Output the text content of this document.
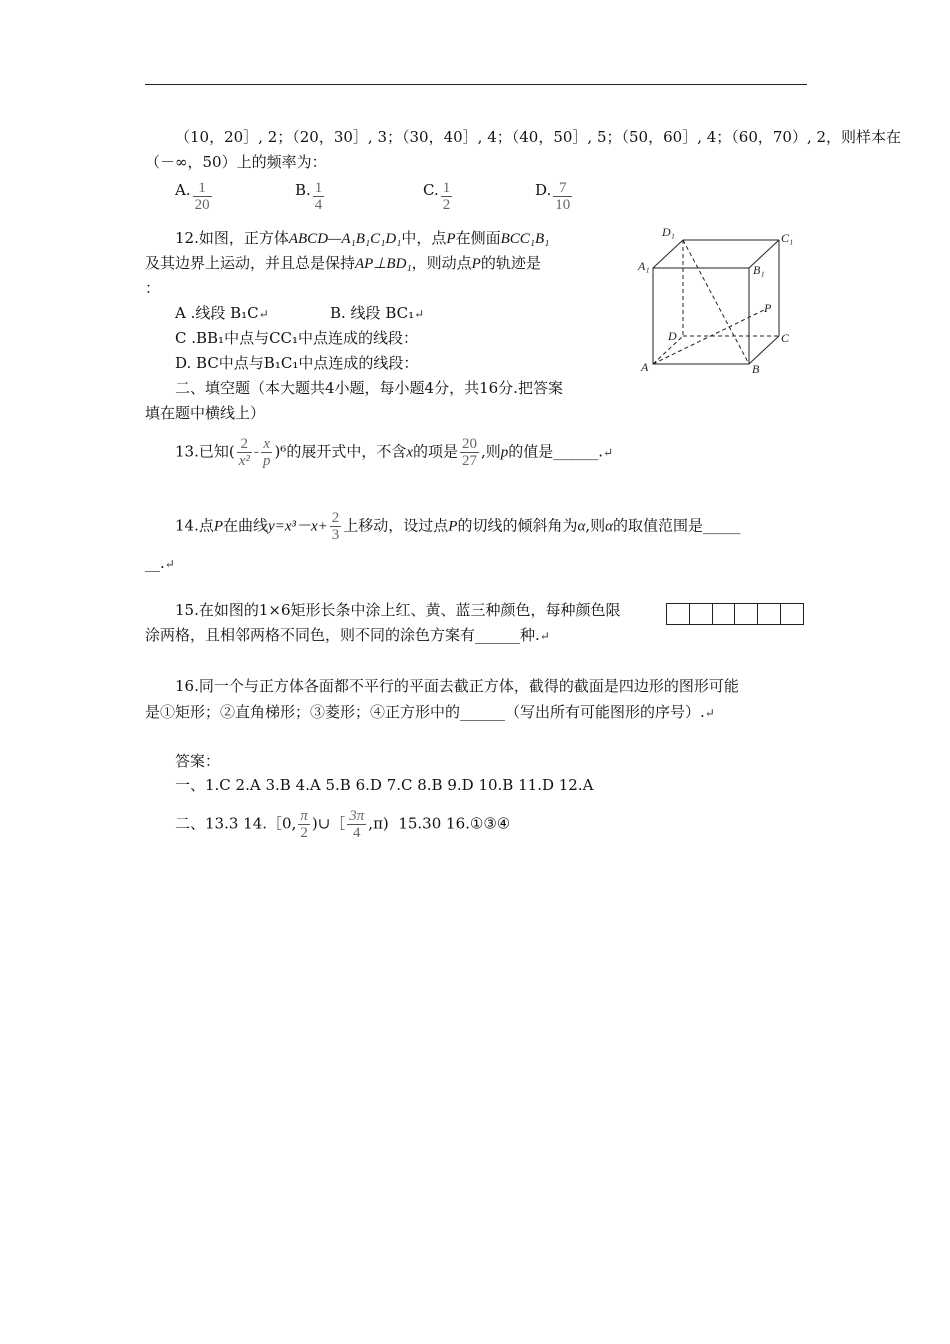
（10，20］, 2；（20，30］, 3；（30，40］, 4；（40，50］, 5；（50，60］, 4；（60，70）, 2，则样本在
（－∞，50）上的频率为：
A. $\frac{1}{20}$	B. $\frac{1}{4}$	C. $\frac{1}{2}$	D. $\frac{7}{10}$
12.如图，正方体ABCD—A₁B₁C₁D₁中，点P在侧面BCC₁B₁
及其边界上运动，并且总是保持AP⊥BD₁，则动点P的轨迹是
：
A .线段 B₁C↵	B. 线段 BC₁↵
C .BB₁中点与CC₁中点连成的线段：
D. BC中点与B₁C₁中点连成的线段：
D₁	C₁
A₁	B₁
P
D	C
A	B
二、填空题（本大题共4小题，每小题4分，共16分.把答案
填在题中横线上）
13.已知( $\frac{2}{\text{x²}} - \frac{x}{p} )^6$的展开式中，不含x的项是 $\frac{20}{27}$ ,则p的值是______.↵
14.点P在曲线$y=x^3-x+ \frac{2}{3}$ 上移动，设过点P的切线的倾斜角为α,则α的取值范围是_____
__.↵
15.在如图的1×6矩形长条中涂上红、黄、蓝三种颜色，每种颜色限
涂两格，且相邻两格不同色，则不同的涂色方案有______种.↵
16.同一个与正方体各面都不平行的平面去截正方体，截得的截面是四边形的图形可能
是①矩形；②直角梯形；③菱形；④正方形中的______（写出所有可能图形的序号）.↵
答案：
一、1.C 2.A 3.B 4.A 5.B 6.D 7.C 8.B 9.D 10.B 11.D 12.A
二、13.3 14.［0, $\frac{\pi}{2}$ )∪［ $\frac{3\pi}{4} ,\pi$) 15.30 16.①③④
